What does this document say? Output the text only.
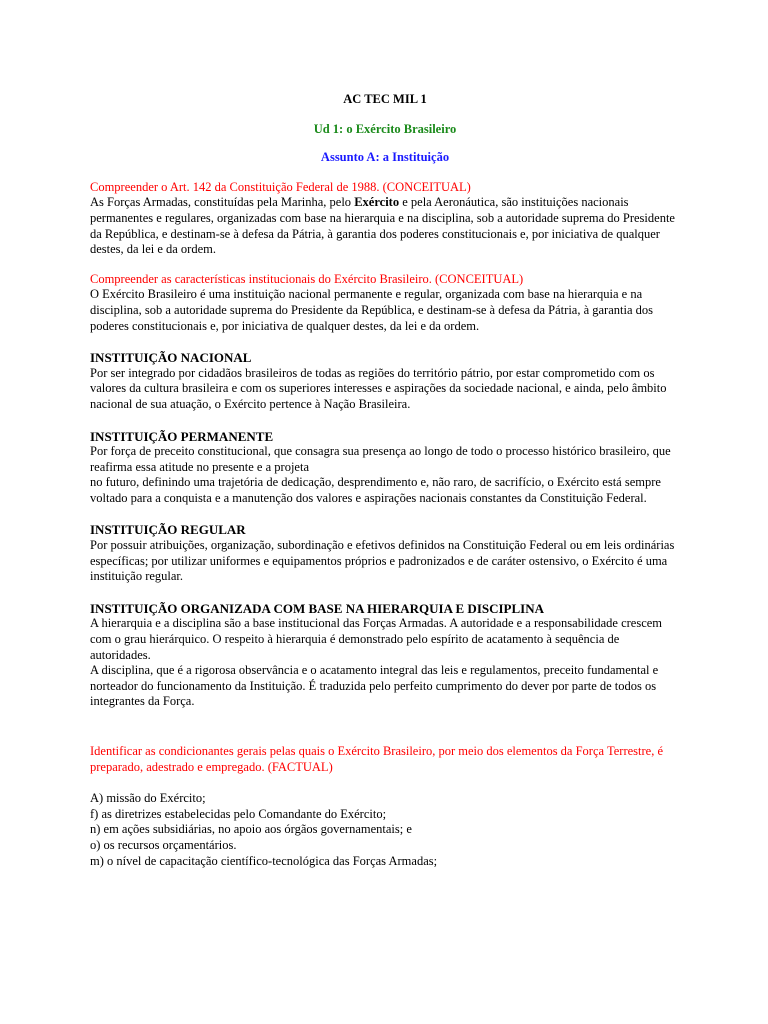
AC TEC MIL 1
Ud 1: o Exército Brasileiro
Assunto A: a Instituição
Compreender o Art. 142 da Constituição Federal de 1988. (CONCEITUAL)
As Forças Armadas, constituídas pela Marinha, pelo Exército e pela Aeronáutica, são instituições nacionais permanentes e regulares, organizadas com base na hierarquia e na disciplina, sob a autoridade suprema do Presidente da República, e destinam-se à defesa da Pátria, à garantia dos poderes constitucionais e, por iniciativa de qualquer destes, da lei e da ordem.
Compreender as características institucionais do Exército Brasileiro. (CONCEITUAL)
O Exército Brasileiro é uma instituição nacional permanente e regular, organizada com base na hierarquia e na disciplina, sob a autoridade suprema do Presidente da República, e destinam-se à defesa da Pátria, à garantia dos poderes constitucionais e, por iniciativa de qualquer destes, da lei e da ordem.
INSTITUIÇÃO NACIONAL
Por ser integrado por cidadãos brasileiros de todas as regiões do território pátrio, por estar comprometido com os valores da cultura brasileira e com os superiores interesses e aspirações da sociedade nacional, e ainda, pelo âmbito nacional de sua atuação, o Exército pertence à Nação Brasileira.
INSTITUIÇÃO PERMANENTE
Por força de preceito constitucional, que consagra sua presença ao longo de todo o processo histórico brasileiro, que reafirma essa atitude no presente e a projeta
no futuro, definindo uma trajetória de dedicação, desprendimento e, não raro, de sacrifício, o Exército está sempre voltado para a conquista e a manutenção dos valores e aspirações nacionais constantes da Constituição Federal.
INSTITUIÇÃO REGULAR
Por possuir atribuições, organização, subordinação e efetivos definidos na Constituição Federal ou em leis ordinárias específicas; por utilizar uniformes e equipamentos próprios e padronizados e de caráter ostensivo, o Exército é uma instituição regular.
INSTITUIÇÃO ORGANIZADA COM BASE NA HIERARQUIA E DISCIPLINA
A hierarquia e a disciplina são a base institucional das Forças Armadas. A autoridade e a responsabilidade crescem com o grau hierárquico. O respeito à hierarquia é demonstrado pelo espírito de acatamento à sequência de autoridades.
A disciplina, que é a rigorosa observância e o acatamento integral das leis e regulamentos, preceito fundamental e norteador do funcionamento da Instituição. É traduzida pelo perfeito cumprimento do dever por parte de todos os integrantes da Força.
Identificar as condicionantes gerais pelas quais o Exército Brasileiro, por meio dos elementos da Força Terrestre, é preparado, adestrado e empregado. (FACTUAL)
A) missão do Exército;
f) as diretrizes estabelecidas pelo Comandante do Exército;
n) em ações subsidiárias, no apoio aos órgãos governamentais; e
o) os recursos orçamentários.
m) o nível de capacitação científico-tecnológica das Forças Armadas;
